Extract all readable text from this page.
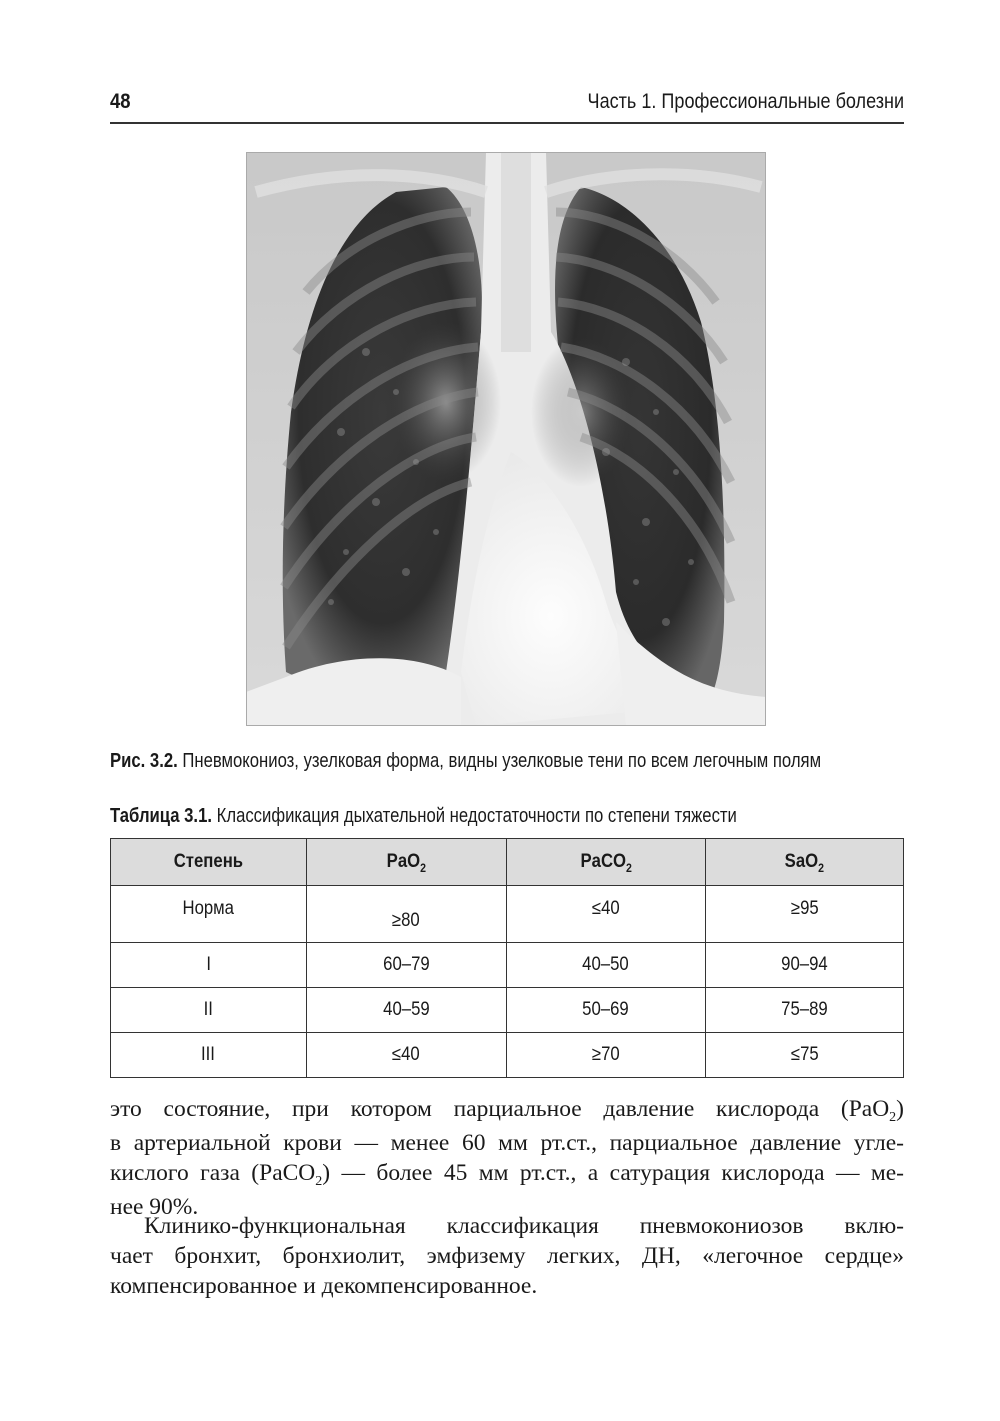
48	Часть 1. Профессиональные болезни
Рис. 3.2. Пневмокониоз, узелковая форма, видны узелковые тени по всем легочным полям
Таблица 3.1. Классификация дыхательной недостаточности по степени тяжести
Степень	PaO$_2$	PaCO$_2$	SaO$_2$
Норма	≥80	≤40	≥95
I	60–79	40–50	90–94
II	40–59	50–69	75–89
III	≤40	≥70	≤75
это состояние, при котором парциальное давление кислорода (PaO$_2$)
в артериальной крови — менее 60 мм рт.ст., парциальное давление угле-
кислого газа (PaCO$_2$) — более 45 мм рт.ст., а сатурация кислорода — ме-
нее 90%.
Клинико-функциональная классификация пневмокониозов вклю-
чает бронхит, бронхиолит, эмфизему легких, ДН, «легочное сердце»
компенсированное и декомпенсированное.
